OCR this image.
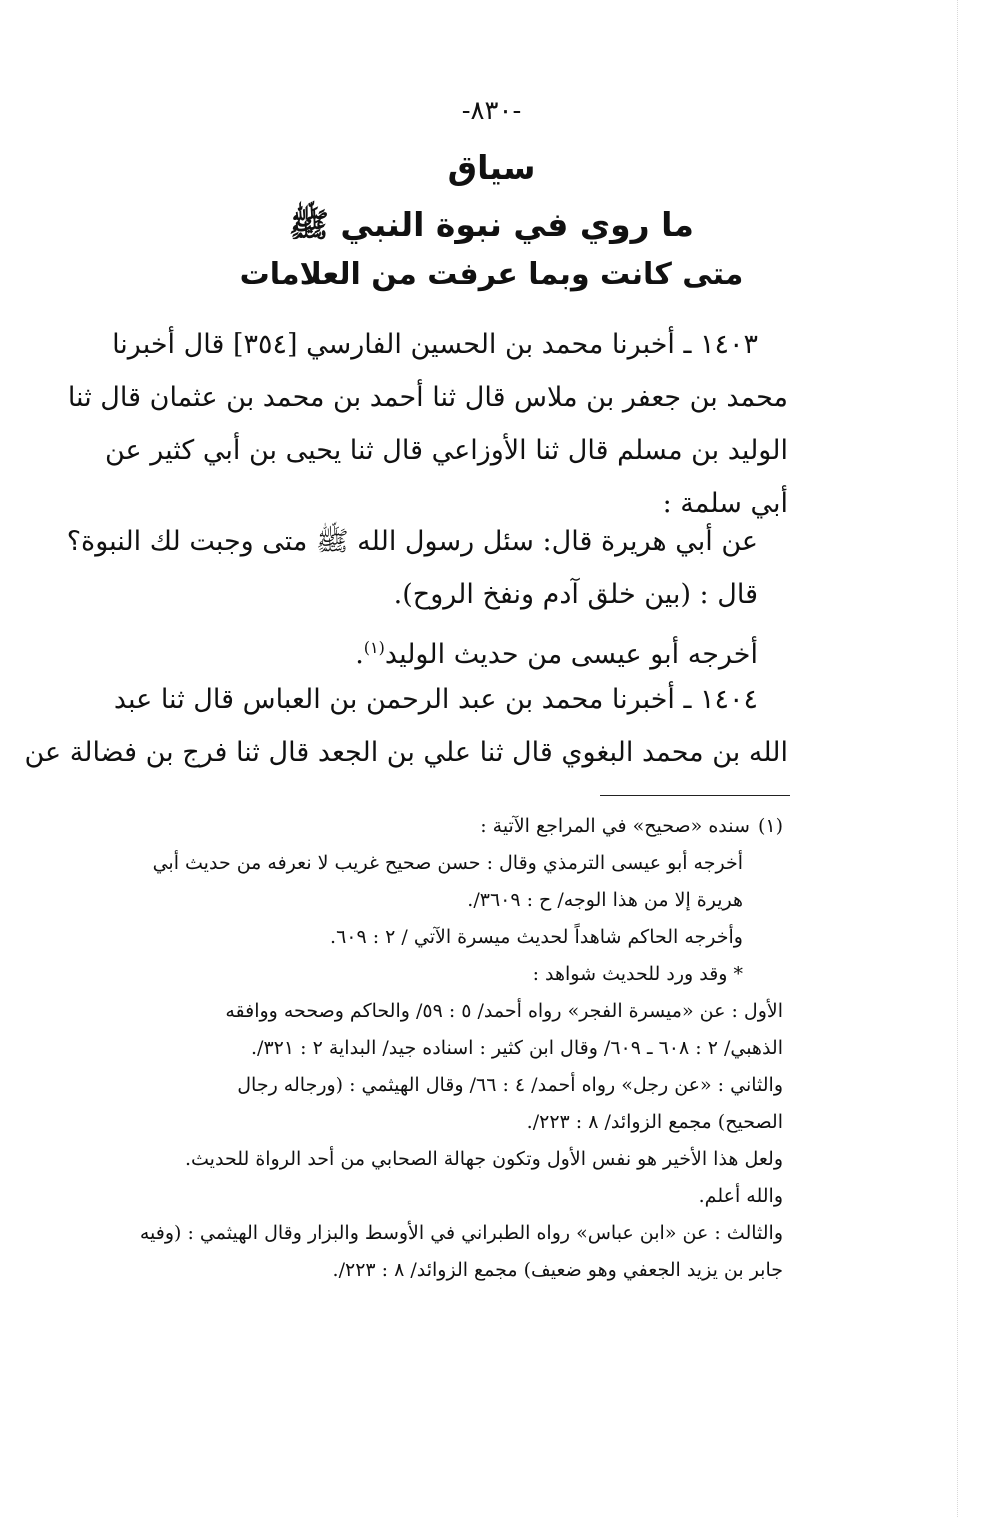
-٨٣٠-
سياق
ما روي في نبوة النبي ﷺ
متى كانت وبما عرفت من العلامات
١٤٠٣ ـ أخبرنا محمد بن الحسين الفارسي [٣٥٤] قال أخبرنا
محمد بن جعفر بن ملاس قال ثنا أحمد بن محمد بن عثمان قال ثنا
الوليد بن مسلم قال ثنا الأوزاعي قال ثنا يحيى بن أبي كثير عن
أبي سلمة :
عن أبي هريرة قال: سئل رسول الله ﷺ متى وجبت لك النبوة؟
قال : (بين خلق آدم ونفخ الروح).
أخرجه أبو عيسى من حديث الوليد$^{(١)}$.
١٤٠٤ ـ أخبرنا محمد بن عبد الرحمن بن العباس قال ثنا عبد
الله بن محمد البغوي قال ثنا علي بن الجعد قال ثنا فرج بن فضالة عن
(١)سنده «صحيح» في المراجع الآتية :
أخرجه أبو عيسى الترمذي وقال : حسن صحيح غريب لا نعرفه من حديث أبي
هريرة إلا من هذا الوجه/ ح : ٣٦٠٩/.
وأخرجه الحاكم شاهداً لحديث ميسرة الآتي / ٢ : ٦٠٩.
* وقد ورد للحديث شواهد :
الأول : عن «ميسرة الفجر» رواه أحمد/ ٥ : ٥٩/ والحاكم وصححه ووافقه
الذهبي/ ٢ : ٦٠٨ ـ ٦٠٩/ وقال ابن كثير : اسناده جيد/ البداية ٢ : ٣٢١/.
والثاني : «عن رجل» رواه أحمد/ ٤ : ٦٦/ وقال الهيثمي : (ورجاله رجال
الصحيح) مجمع الزوائد/ ٨ : ٢٢٣/.
ولعل هذا الأخير هو نفس الأول وتكون جهالة الصحابي من أحد الرواة للحديث.
والله أعلم.
والثالث : عن «ابن عباس» رواه الطبراني في الأوسط والبزار وقال الهيثمي : (وفيه
جابر بن يزيد الجعفي وهو ضعيف) مجمع الزوائد/ ٨ : ٢٢٣/.
